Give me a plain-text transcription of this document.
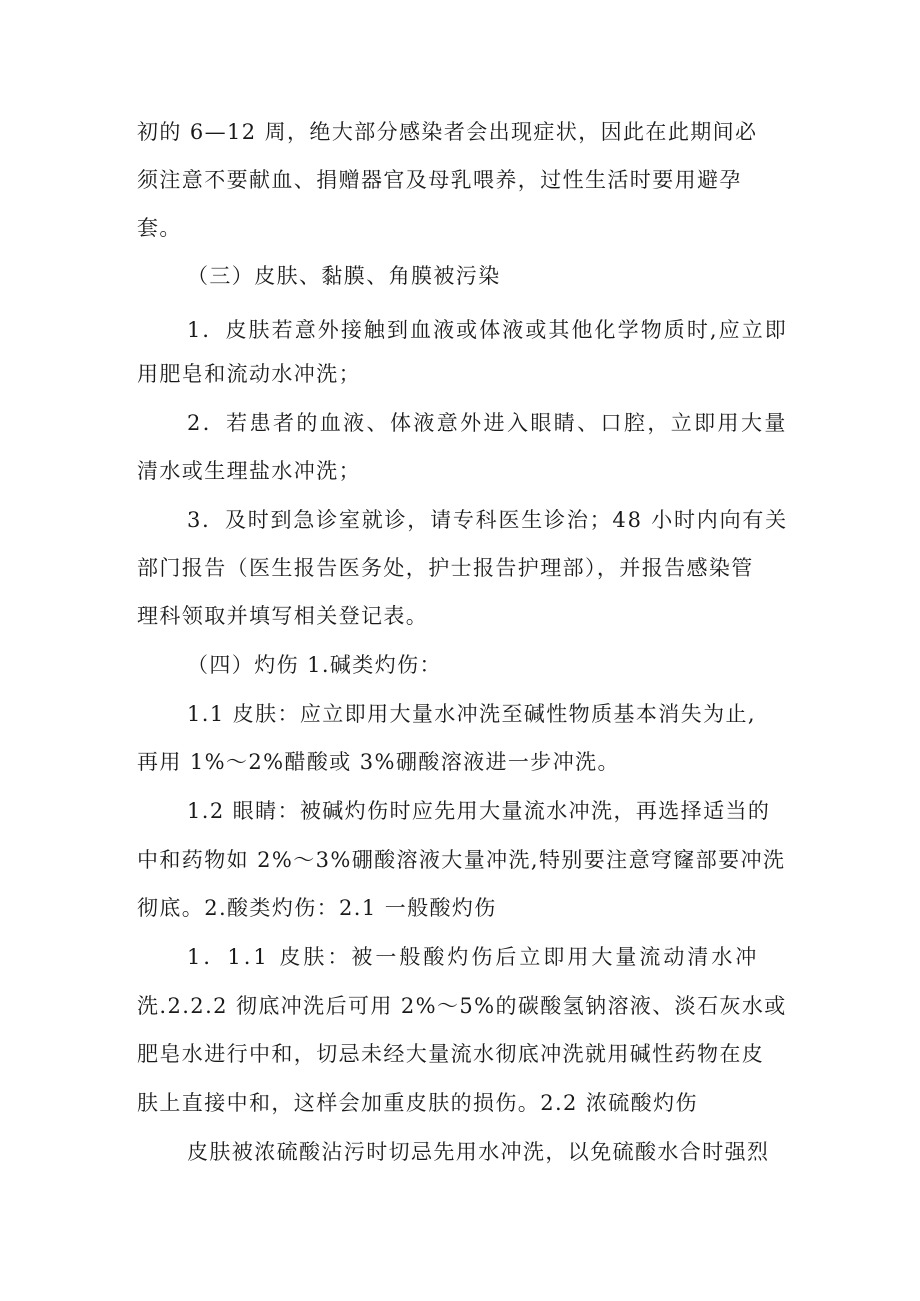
初的 6—12 周，绝大部分感染者会出现症状，因此在此期间必
须注意不要献血、捐赠器官及母乳喂养，过性生活时要用避孕
套。
（三）皮肤、黏膜、角膜被污染
1．皮肤若意外接触到血液或体液或其他化学物质时,应立即
用肥皂和流动水冲洗；
2．若患者的血液、体液意外进入眼睛、口腔，立即用大量
清水或生理盐水冲洗；
3．及时到急诊室就诊，请专科医生诊治；48 小时内向有关
部门报告（医生报告医务处，护士报告护理部），并报告感染管
理科领取并填写相关登记表。
（四）灼伤 1.碱类灼伤：
1.1 皮肤：应立即用大量水冲洗至碱性物质基本消失为止,
再用 1%～2%醋酸或 3%硼酸溶液进一步冲洗。
1.2 眼睛：被碱灼伤时应先用大量流水冲洗，再选择适当的
中和药物如 2%～3%硼酸溶液大量冲洗,特别要注意穹窿部要冲洗
彻底。2.酸类灼伤：2.1 一般酸灼伤
1．1.1 皮肤：被一般酸灼伤后立即用大量流动清水冲
洗.2.2.2 彻底冲洗后可用 2%～5%的碳酸氢钠溶液、淡石灰水或
肥皂水进行中和，切忌未经大量流水彻底冲洗就用碱性药物在皮
肤上直接中和，这样会加重皮肤的损伤。2.2 浓硫酸灼伤
皮肤被浓硫酸沾污时切忌先用水冲洗，以免硫酸水合时强烈
